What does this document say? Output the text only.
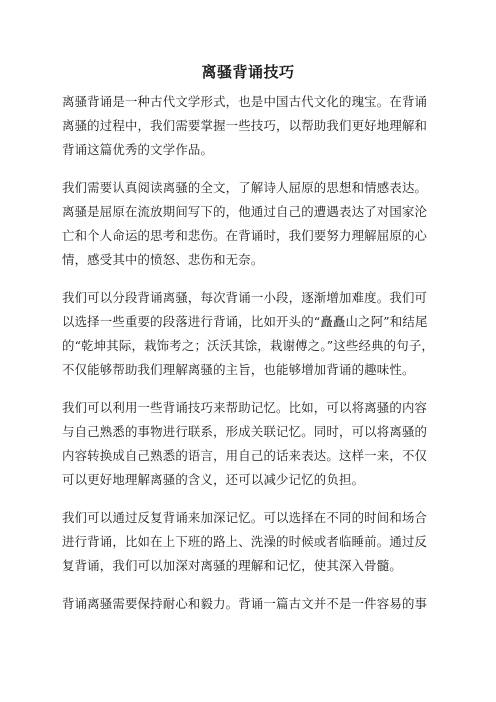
离骚背诵技巧
离骚背诵是一种古代文学形式，也是中国古代文化的瑰宝。在背诵
离骚的过程中，我们需要掌握一些技巧，以帮助我们更好地理解和
背诵这篇优秀的文学作品。
我们需要认真阅读离骚的全文，了解诗人屈原的思想和情感表达。
离骚是屈原在流放期间写下的，他通过自己的遭遇表达了对国家沦
亡和个人命运的思考和悲伤。在背诵时，我们要努力理解屈原的心
情，感受其中的愤怒、悲伤和无奈。
我们可以分段背诵离骚，每次背诵一小段，逐渐增加难度。我们可
以选择一些重要的段落进行背诵，比如开头的“矗矗山之阿”和结尾
的“乾坤其际，栽饰考之；沃沃其馀，栽谢傅之。”这些经典的句子，
不仅能够帮助我们理解离骚的主旨，也能够增加背诵的趣味性。
我们可以利用一些背诵技巧来帮助记忆。比如，可以将离骚的内容
与自己熟悉的事物进行联系，形成关联记忆。同时，可以将离骚的
内容转换成自己熟悉的语言，用自己的话来表达。这样一来，不仅
可以更好地理解离骚的含义，还可以减少记忆的负担。
我们可以通过反复背诵来加深记忆。可以选择在不同的时间和场合
进行背诵，比如在上下班的路上、洗澡的时候或者临睡前。通过反
复背诵，我们可以加深对离骚的理解和记忆，使其深入骨髓。
背诵离骚需要保持耐心和毅力。背诵一篇古文并不是一件容易的事
